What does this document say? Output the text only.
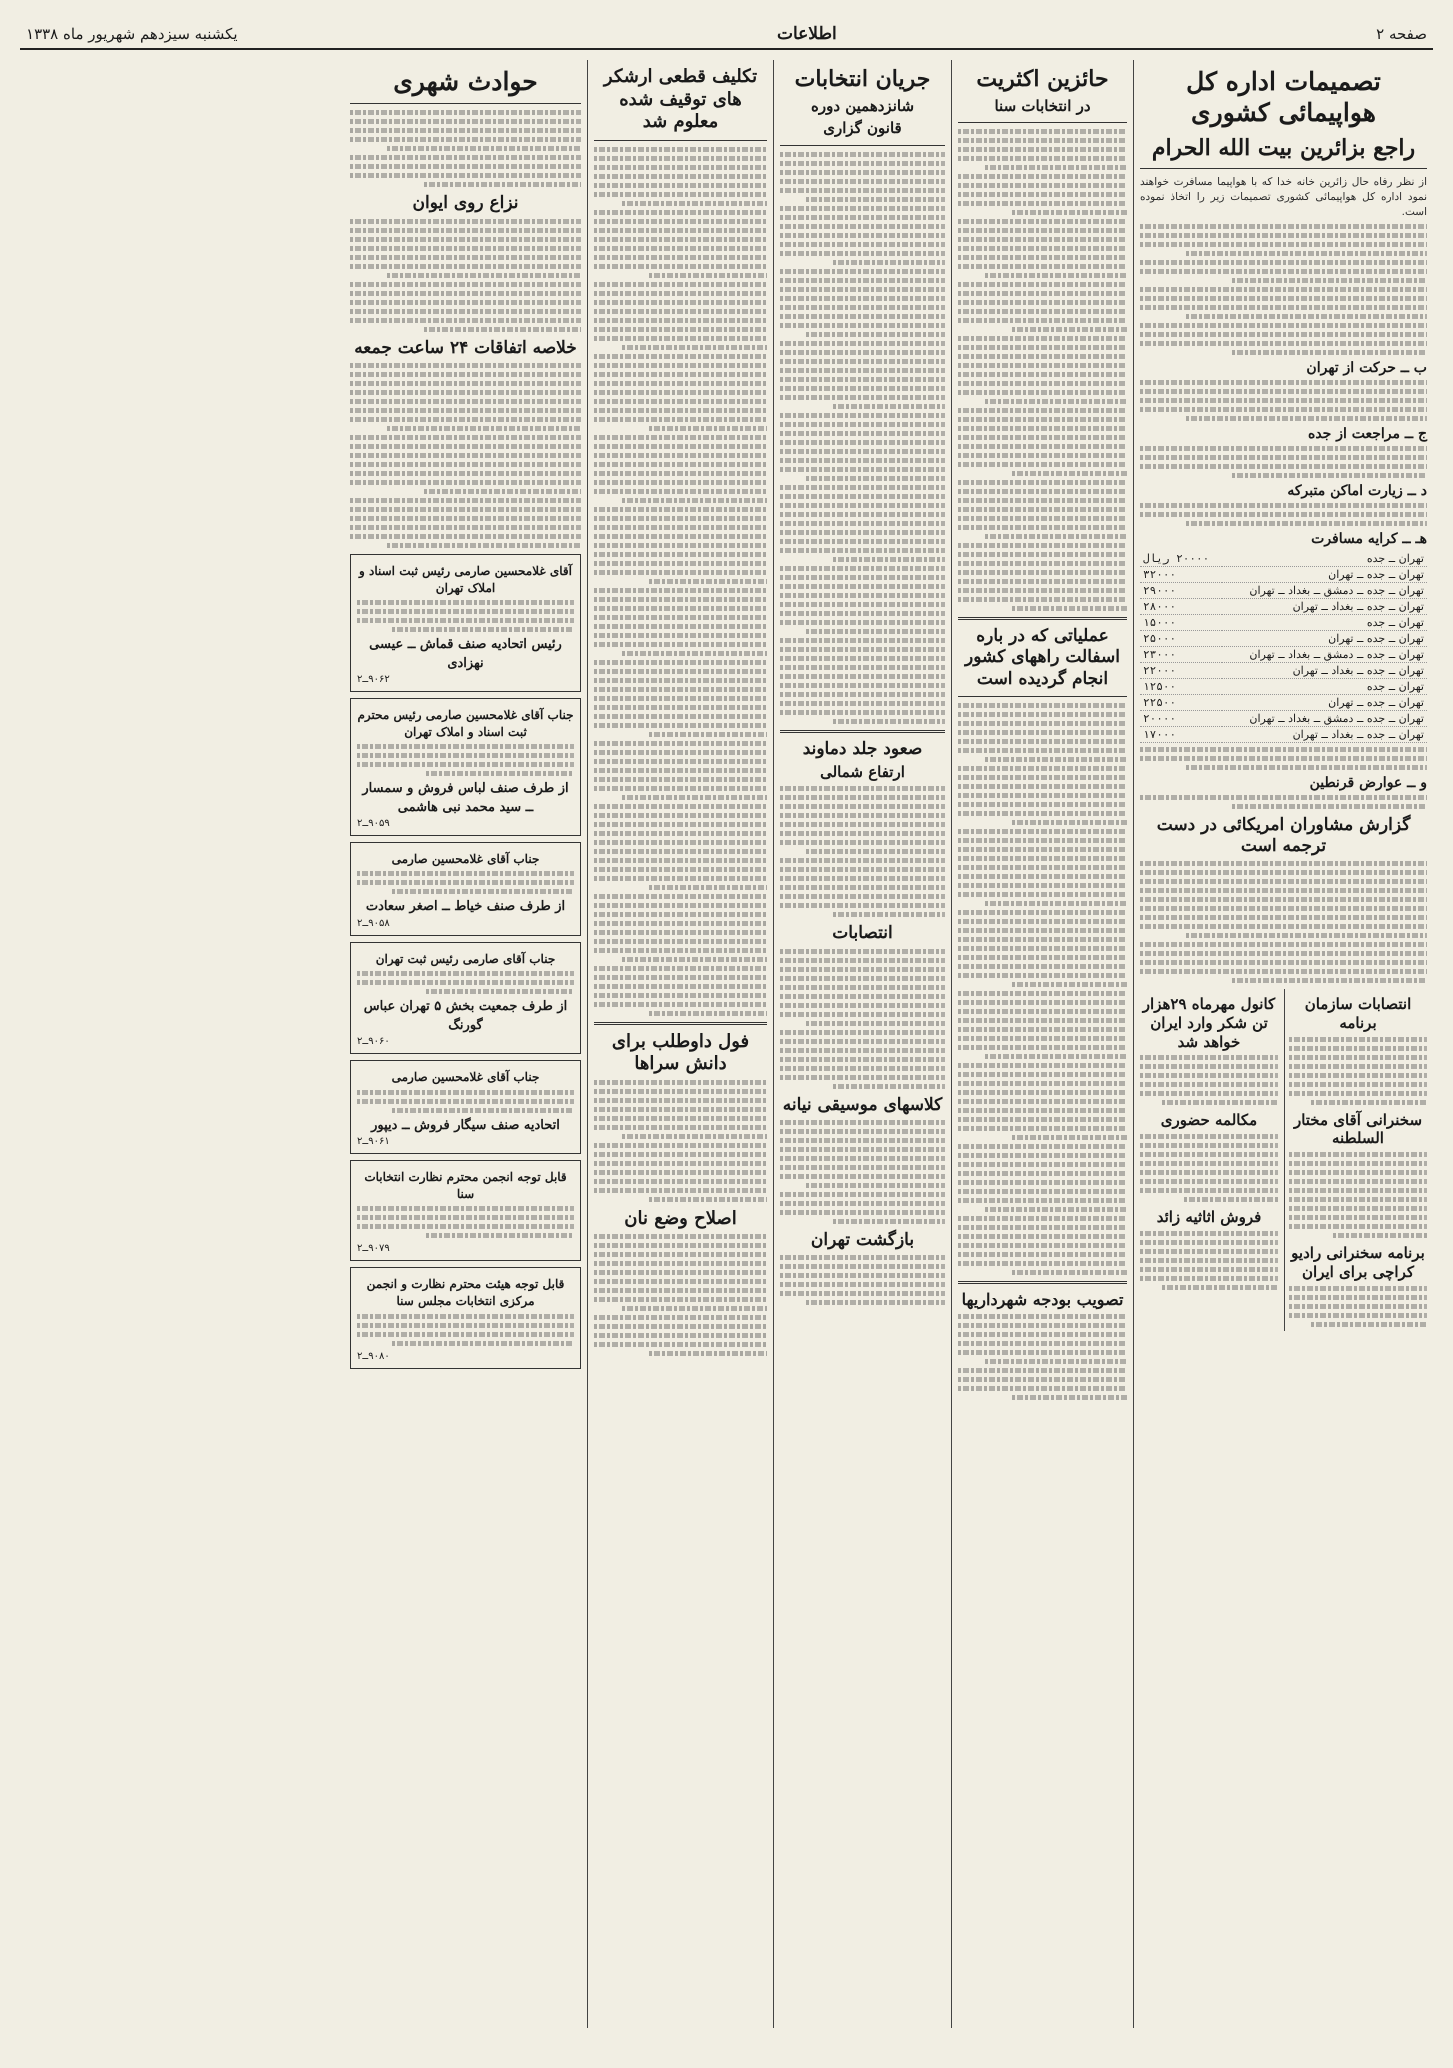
صفحه ۲
اطلاعات
یکشنبه سیزدهم شهریور ماه ۱۳۳۸
تصمیمات اداره کل هواپیمائی کشوری
راجع بزائرین بیت الله الحرام
از نظر رفاه حال زائرین خانه خدا که با هواپیما مسافرت خواهند نمود اداره کل هواپیمائی کشوری تصمیمات زیر را اتخاذ نموده است.
ب ــ حرکت از تهران
ج ــ مراجعت از جده
د ــ زیارت اماکن متبرکه
هـ ــ کرایه مسافرت
تهران ــ جده	۲۰۰۰۰ ریال
تهران ــ جده ــ تهران	۳۲۰۰۰
تهران ــ جده ــ دمشق ــ بغداد ــ تهران	۲۹۰۰۰
تهران ــ جده ــ بغداد ــ تهران	۲۸۰۰۰
تهران ــ جده	۱۵۰۰۰
تهران ــ جده ــ تهران	۲۵۰۰۰
تهران ــ جده ــ دمشق ــ بغداد ــ تهران	۲۳۰۰۰
تهران ــ جده ــ بغداد ــ تهران	۲۲۰۰۰
تهران ــ جده	۱۲۵۰۰
تهران ــ جده ــ تهران	۲۲۵۰۰
تهران ــ جده ــ دمشق ــ بغداد ــ تهران	۲۰۰۰۰
تهران ــ جده ــ بغداد ــ تهران	۱۷۰۰۰
و ــ عوارض قرنطین
گزارش مشاوران امریکائی در دست ترجمه است
انتصابات سازمان برنامه
سخنرانی آقای مختار السلطنه
برنامه سخنرانی رادیو کراچی برای ایران
کانول مهرماه ۲۹هزار تن شکر وارد ایران خواهد شد
مکالمه حضوری
فروش اثاثیه زائد
حائزین اکثریت
در انتخابات سنا
عملیاتی که در باره اسفالت راههای کشور انجام گردیده است
تصویب بودجه شهرداریها
جریان انتخابات
شانزدهمین دوره
قانون گزاری
صعود جلد دماوند
ارتفاع شمالی
انتصابات
کلاسهای موسیقی نیانه
بازگشت تهران
تکلیف قطعی ارشکر های توقیف شده معلوم شد
فول داوطلب برای دانش سراها
اصلاح وضع نان
حوادث شهری
نزاع روی ایوان
خلاصه اتفاقات ۲۴ ساعت جمعه
آقای غلامحسین صارمی رئیس ثبت اسناد و املاک تهران
رئیس اتحادیه صنف قماش ــ عیسی نهزادی
۹۰۶۲ــ۲
جناب آقای غلامحسین صارمی رئیس محترم ثبت اسناد و املاک تهران
از طرف صنف لباس فروش و سمسار ــ سید محمد نبی هاشمی
۹۰۵۹ــ۲
جناب آقای غلامحسین صارمی
از طرف صنف خیاط ــ اصغر سعادت
۹۰۵۸ــ۲
جناب آقای صارمی رئیس ثبت تهران
از طرف جمعیت بخش ۵ تهران عباس گورنگ
۹۰۶۰ــ۲
جناب آقای غلامحسین صارمی
اتحادیه صنف سیگار فروش ــ دیپور
۹۰۶۱ــ۲
قابل توجه انجمن محترم نظارت انتخابات سنا
۹۰۷۹ــ۲
قابل توجه هیئت محترم نظارت و انجمن مرکزی انتخابات مجلس سنا
۹۰۸۰ــ۲
